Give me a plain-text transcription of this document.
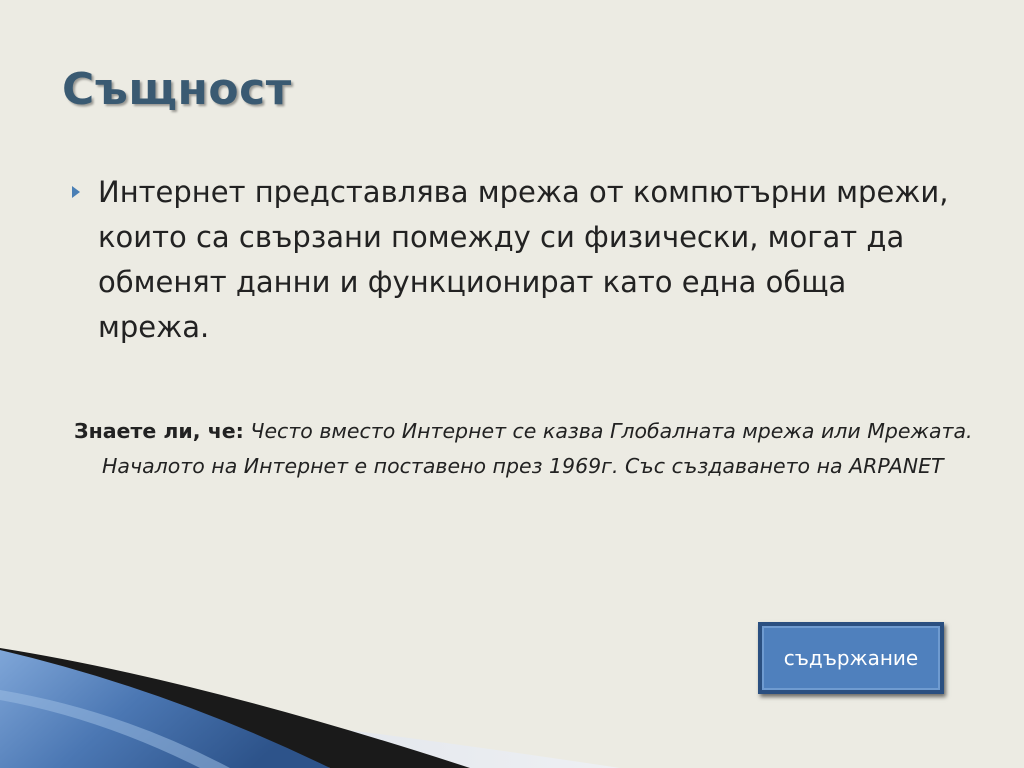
Същност
Интернет представлява мрежа от компютърни мрежи, които са свързани помежду си физически, могат да обменят данни и функционират като една обща мрежа.
Знаете ли, че: Често вместо Интернет се казва Глобалната мрежа или Мрежата. Началото на Интернет е поставено през 1969г. Със създаването на ARPANET
съдържание
